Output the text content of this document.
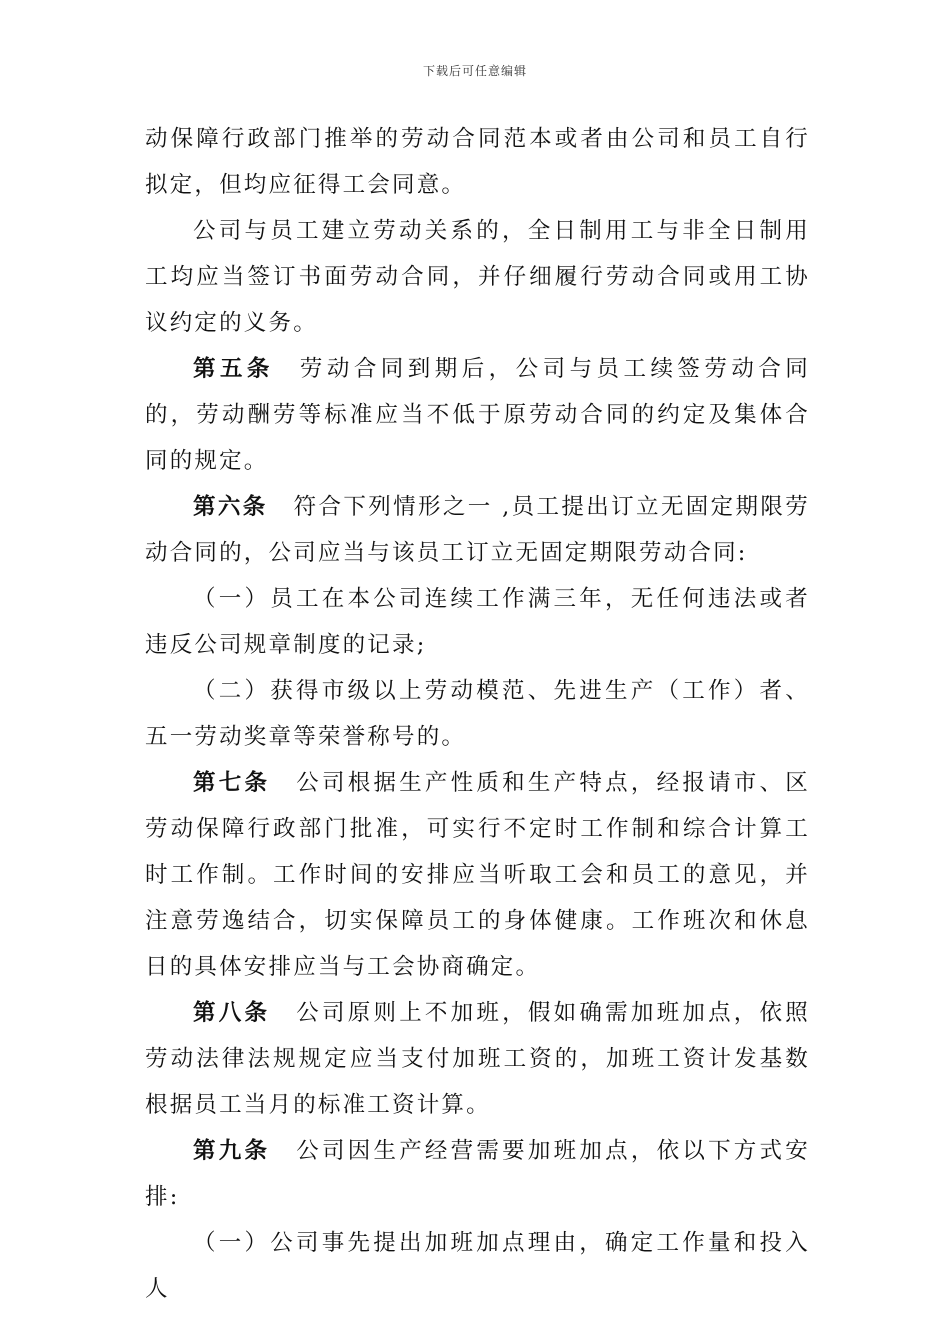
下载后可任意编辑

动保障行政部门推举的劳动合同范本或者由公司和员工自行拟定，但均应征得工会同意。

公司与员工建立劳动关系的，全日制用工与非全日制用工均应当签订书面劳动合同，并仔细履行劳动合同或用工协议约定的义务。

第五条 劳动合同到期后，公司与员工续签劳动合同的，劳动酬劳等标准应当不低于原劳动合同的约定及集体合同的规定。

第六条 符合下列情形之一 ,员工提出订立无固定期限劳动合同的，公司应当与该员工订立无固定期限劳动合同:

（一）员工在本公司连续工作满三年，无任何违法或者违反公司规章制度的记录;

（二）获得市级以上劳动模范、先进生产（工作）者、五一劳动奖章等荣誉称号的。

第七条 公司根据生产性质和生产特点，经报请市、区劳动保障行政部门批准，可实行不定时工作制和综合计算工时工作制。工作时间的安排应当听取工会和员工的意见，并注意劳逸结合，切实保障员工的身体健康。工作班次和休息日的具体安排应当与工会协商确定。

第八条 公司原则上不加班，假如确需加班加点，依照劳动法律法规规定应当支付加班工资的，加班工资计发基数根据员工当月的标准工资计算。

第九条 公司因生产经营需要加班加点，依以下方式安排:

（一）公司事先提出加班加点理由，确定工作量和投入人
